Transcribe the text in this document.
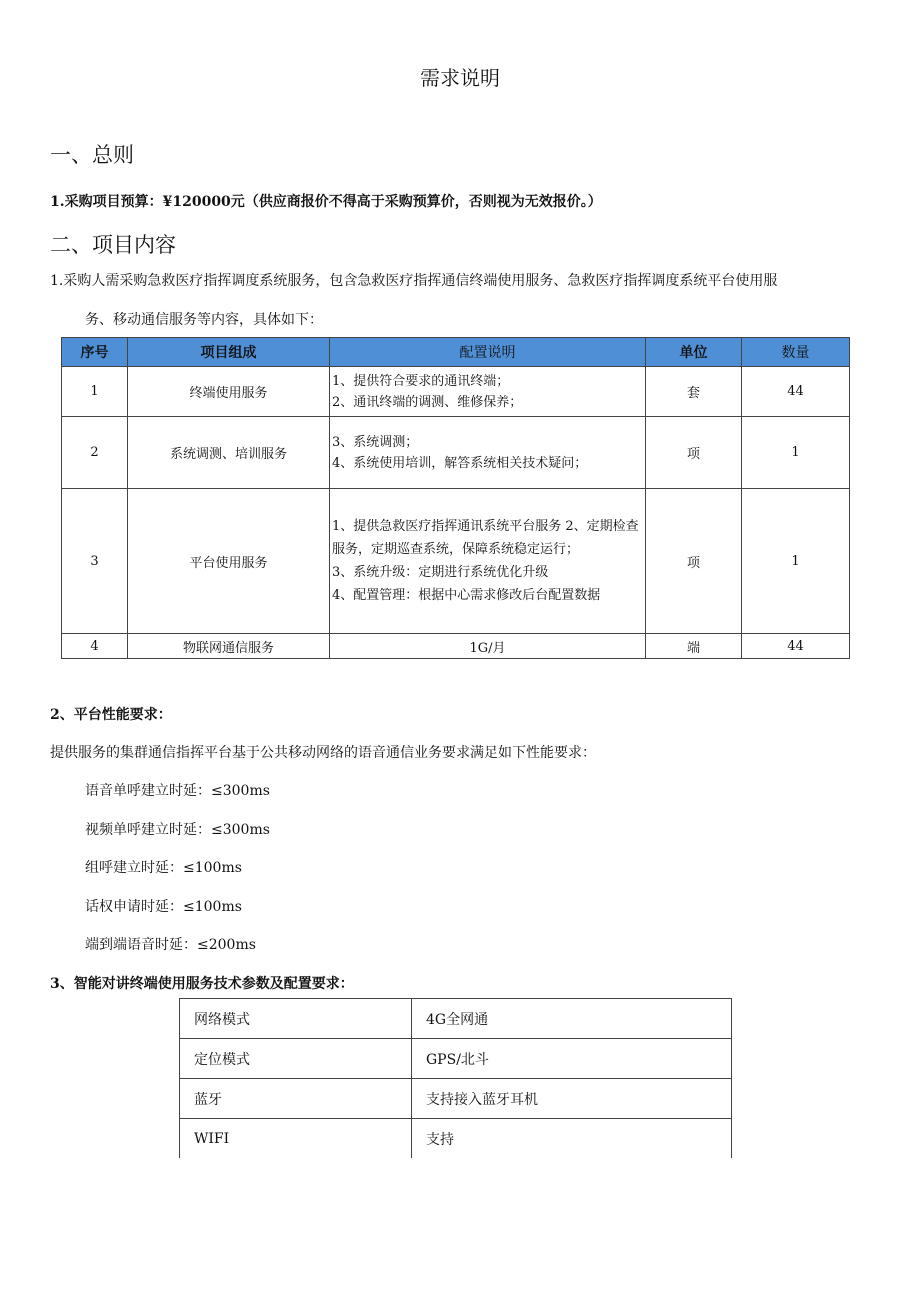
需求说明
一、总则
1.采购项目预算：¥120000元（供应商报价不得高于采购预算价，否则视为无效报价。）
二、项目内容
1.采购人需采购急救医疗指挥调度系统服务，包含急救医疗指挥通信终端使用服务、急救医疗指挥调度系统平台使用服
务、移动通信服务等内容，具体如下：
序号	项目组成	配置说明	单位	数量
1	终端使用服务	1、提供符合要求的通讯终端；
2、通讯终端的调测、维修保养；	套	44
2	系统调测、培训服务	3、系统调测；
4、系统使用培训，解答系统相关技术疑问；	项	1
3	平台使用服务	1、提供急救医疗指挥通讯系统平台服务 2、定期检查服务，定期巡查系统，保障系统稳定运行；
3、系统升级：定期进行系统优化升级
4、配置管理：根据中心需求修改后台配置数据	项	1
4	物联网通信服务	1G/月	端	44
2、平台性能要求：
提供服务的集群通信指挥平台基于公共移动网络的语音通信业务要求满足如下性能要求：
语音单呼建立时延：≤300ms
视频单呼建立时延：≤300ms
组呼建立时延：≤100ms
话权申请时延：≤100ms
端到端语音时延：≤200ms
3、智能对讲终端使用服务技术参数及配置要求：
网络模式	4G全网通
定位模式	GPS/北斗
蓝牙	支持接入蓝牙耳机
WIFI	支持
